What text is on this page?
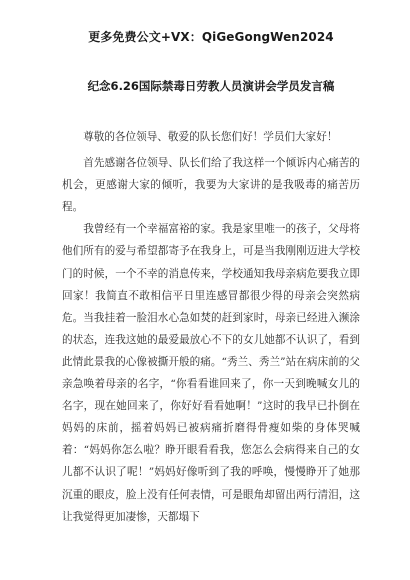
更多免费公文+VX：QiGeGongWen2024
纪念6.26国际禁毒日劳教人员演讲会学员发言稿

尊敬的各位领导、敬爱的队长您们好！学员们大家好！

首先感谢各位领导、队长们给了我这样一个倾诉内心痛苦的机会，更感谢大家的倾听，我要为大家讲的是我吸毒的痛苦历程。

我曾经有一个幸福富裕的家。我是家里唯一的孩子，父母将他们所有的爱与希望都寄予在我身上，可是当我刚刚迈进大学校门的时候，一个不幸的消息传来，学校通知我母亲病危要我立即回家！我简直不敢相信平日里连感冒都很少得的母亲会突然病危。当我挂着一脸泪水心急如焚的赶到家时，母亲已经进入濒涂的状态，连我这她的最爱最放心不下的女儿她都不认识了，看到此情此景我的心像被撕开般的痛。“秀兰、秀兰”站在病床前的父亲急唤着母亲的名字，“你看看谁回来了，你一天到晚喊女儿的名字，现在她回来了，你好好看看她啊！”这时的我早已扑倒在妈妈的床前，摇着妈妈已被病痛折磨得骨瘦如柴的身体哭喊着：“妈妈你怎么啦？睁开眼看看我，您怎么会病得来自己的女儿都不认识了呢！”妈妈好像听到了我的呼唤，慢慢睁开了她那沉重的眼皮，脸上没有任何表情，可是眼角却留出两行清泪，这让我觉得更加凄惨，天都塌下
